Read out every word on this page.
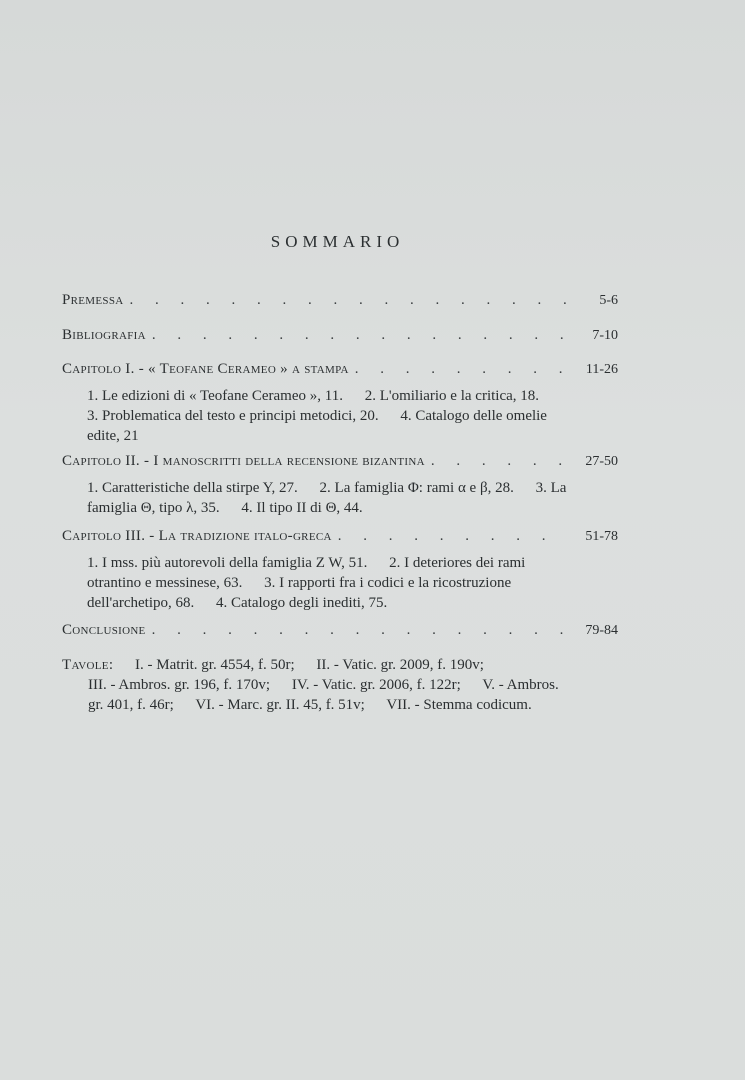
SOMMARIO
Premessa . . .	5-6
Bibliografia . . .	7-10
Capitolo I. - « Teofane Cerameo » a stampa . . .	11-26
1. Le edizioni di « Teofane Cerameo », 11. 2. L'omiliario e la critica, 18. 3. Problematica del testo e principi metodici, 20. 4. Catalogo delle omelie edite, 21
Capitolo II. - I manoscritti della recensione bizantina . . .	27-50
1. Caratteristiche della stirpe Y, 27. 2. La famiglia Φ: rami α e β, 28. 3. La famiglia Θ, tipo λ, 35. 4. Il tipo II di Θ, 44.
Capitolo III. - La tradizione italo-greca . . .	51-78
1. I mss. più autorevoli della famiglia Z W, 51. 2. I deteriores dei rami otrantino e messinese, 63. 3. I rapporti fra i codici e la ricostruzione dell'archetipo, 68. 4. Catalogo degli inediti, 75.
Conclusione . . .	79-84
Tavole: I. - Matrit. gr. 4554, f. 50r; II. - Vatic. gr. 2009, f. 190v;
III. - Ambros. gr. 196, f. 170v; IV. - Vatic. gr. 2006, f. 122r; V. - Ambros. gr. 401, f. 46r; VI. - Marc. gr. II. 45, f. 51v; VII. - Stemma codicum.
